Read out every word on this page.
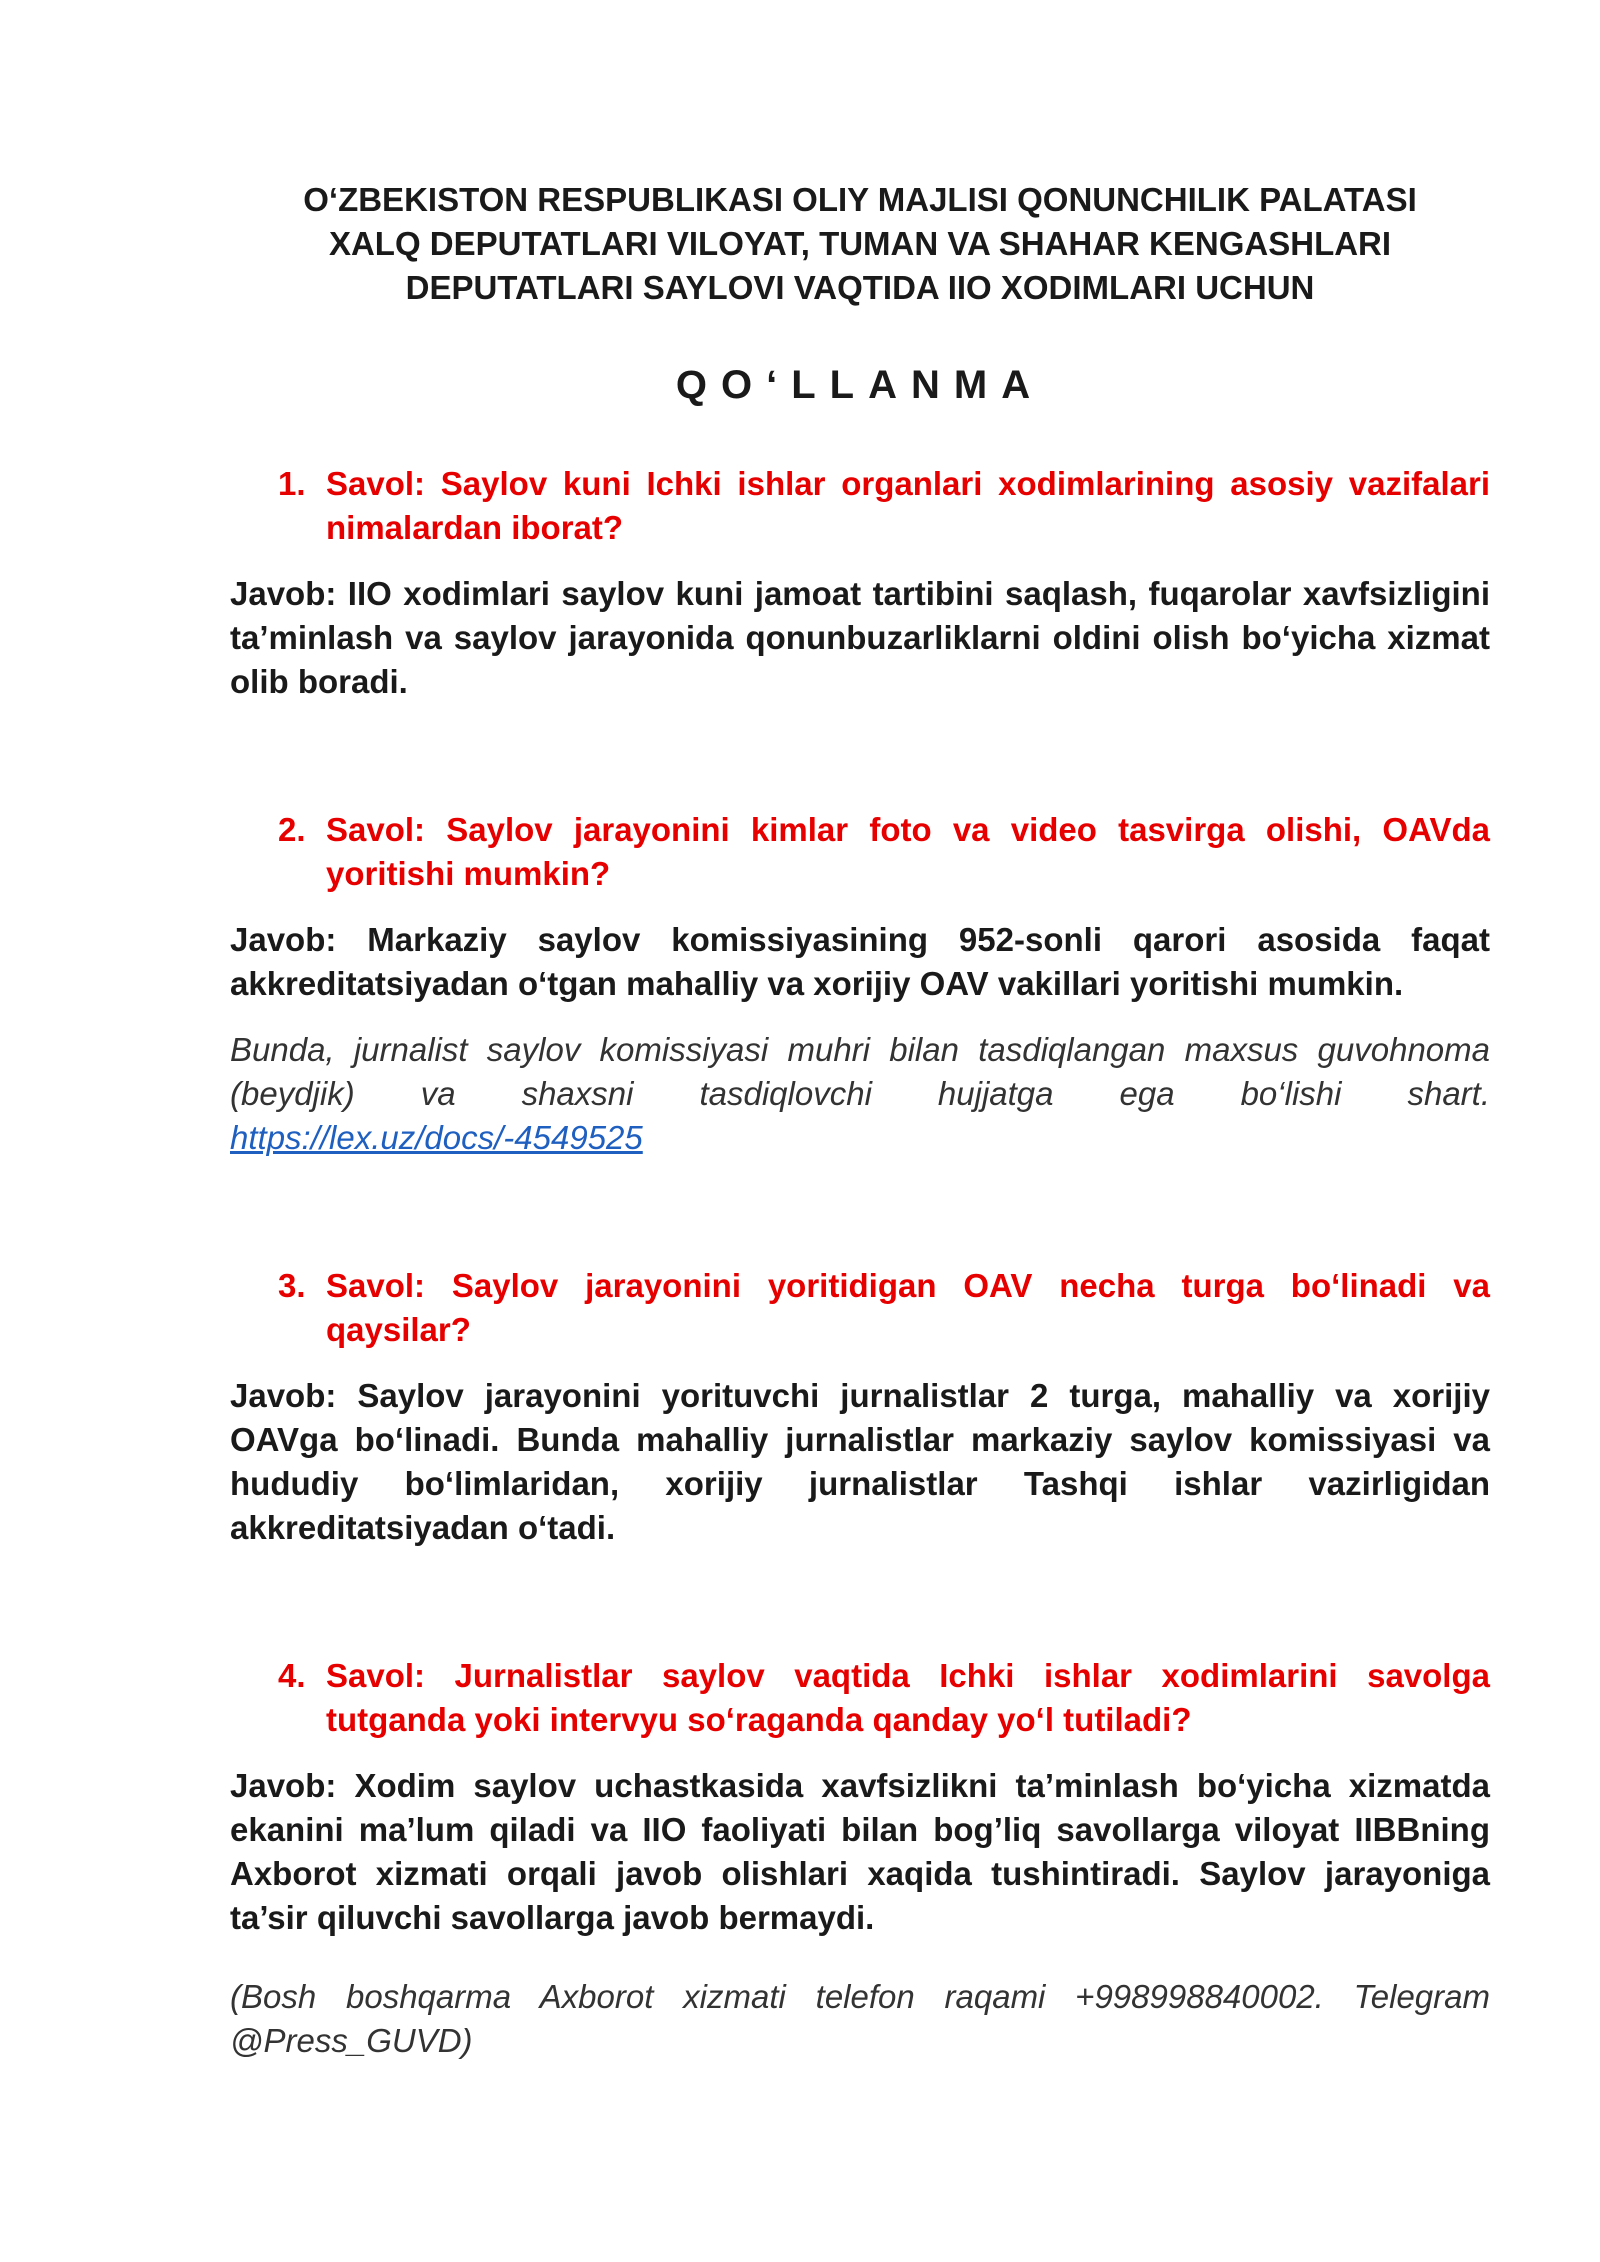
O‘ZBEKISTON RESPUBLIKASI OLIY MAJLISI QONUNCHILIK PALATASI

XALQ DEPUTATLARI VILOYAT, TUMAN VA SHAHAR KENGASHLARI

DEPUTATLARI SAYLOVI VAQTIDA IIO XODIMLARI UCHUN

QO‘LLANMA

1. Savol: Saylov kuni Ichki ishlar organlari xodimlarining asosiy vazifalari nimalardan iborat?

Javob: IIO xodimlari saylov kuni jamoat tartibini saqlash, fuqarolar xavfsizligini ta’minlash va saylov jarayonida qonunbuzarliklarni oldini olish bo‘yicha xizmat olib boradi.

2. Savol: Saylov jarayonini kimlar foto va video tasvirga olishi, OAVda yoritishi mumkin?

Javob: Markaziy saylov komissiyasining 952-sonli qarori asosida faqat akkreditatsiyadan o‘tgan mahalliy va xorijiy OAV vakillari yoritishi mumkin.

Bunda, jurnalist saylov komissiyasi muhri bilan tasdiqlangan maxsus guvohnoma (beydjik) va shaxsni tasdiqlovchi hujjatga ega bo‘lishi shart. https://lex.uz/docs/-4549525

3. Savol: Saylov jarayonini yoritidigan OAV necha turga bo‘linadi va qaysilar?

Javob: Saylov jarayonini yorituvchi jurnalistlar 2 turga, mahalliy va xorijiy OAVga bo‘linadi. Bunda mahalliy jurnalistlar markaziy saylov komissiyasi va hududiy bo‘limlaridan, xorijiy jurnalistlar Tashqi ishlar vazirligidan akkreditatsiyadan o‘tadi.

4. Savol: Jurnalistlar saylov vaqtida Ichki ishlar xodimlarini savolga tutganda yoki intervyu so‘raganda qanday yo‘l tutiladi?

Javob: Xodim saylov uchastkasida xavfsizlikni ta’minlash bo‘yicha xizmatda ekanini ma’lum qiladi va IIO faoliyati bilan bog’liq savollarga viloyat IIBBning Axborot xizmati orqali javob olishlari xaqida tushintiradi. Saylov jarayoniga ta’sir qiluvchi savollarga javob bermaydi.

(Bosh boshqarma Axborot xizmati telefon raqami +998998840002. Telegram @Press_GUVD)
